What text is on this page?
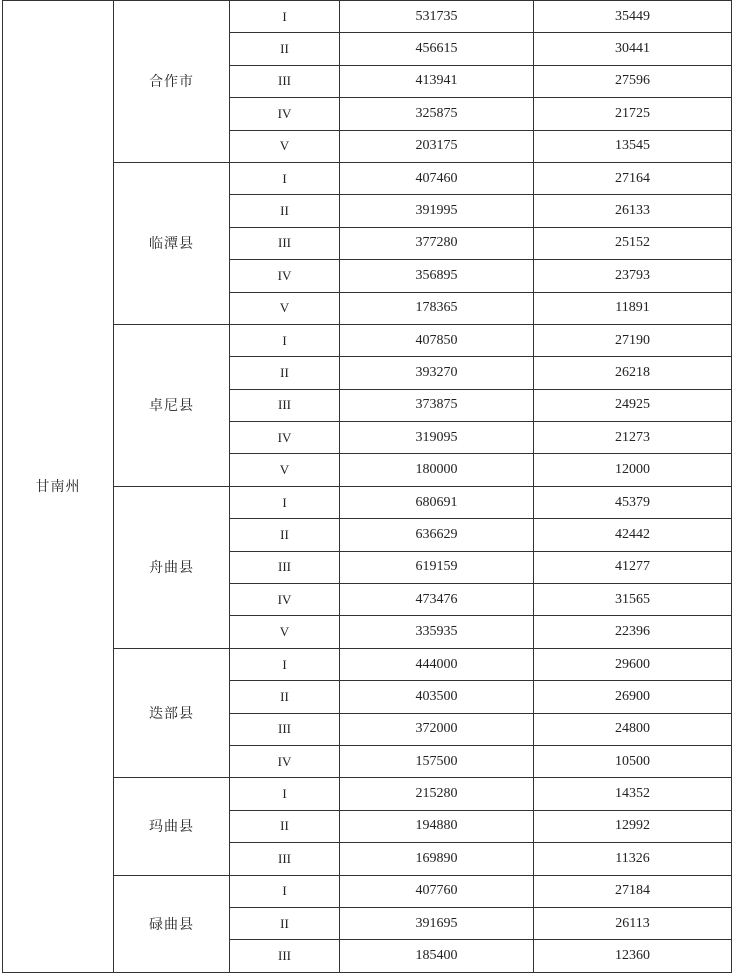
甘南州	合作市	I	531735	35449
		II	456615	30441
		III	413941	27596
		IV	325875	21725
		V	203175	13545
	临潭县	I	407460	27164
		II	391995	26133
		III	377280	25152
		IV	356895	23793
		V	178365	11891
	卓尼县	I	407850	27190
		II	393270	26218
		III	373875	24925
		IV	319095	21273
		V	180000	12000
	舟曲县	I	680691	45379
		II	636629	42442
		III	619159	41277
		IV	473476	31565
		V	335935	22396
	迭部县	I	444000	29600
		II	403500	26900
		III	372000	24800
		IV	157500	10500
	玛曲县	I	215280	14352
		II	194880	12992
		III	169890	11326
	碌曲县	I	407760	27184
		II	391695	26113
		III	185400	12360
